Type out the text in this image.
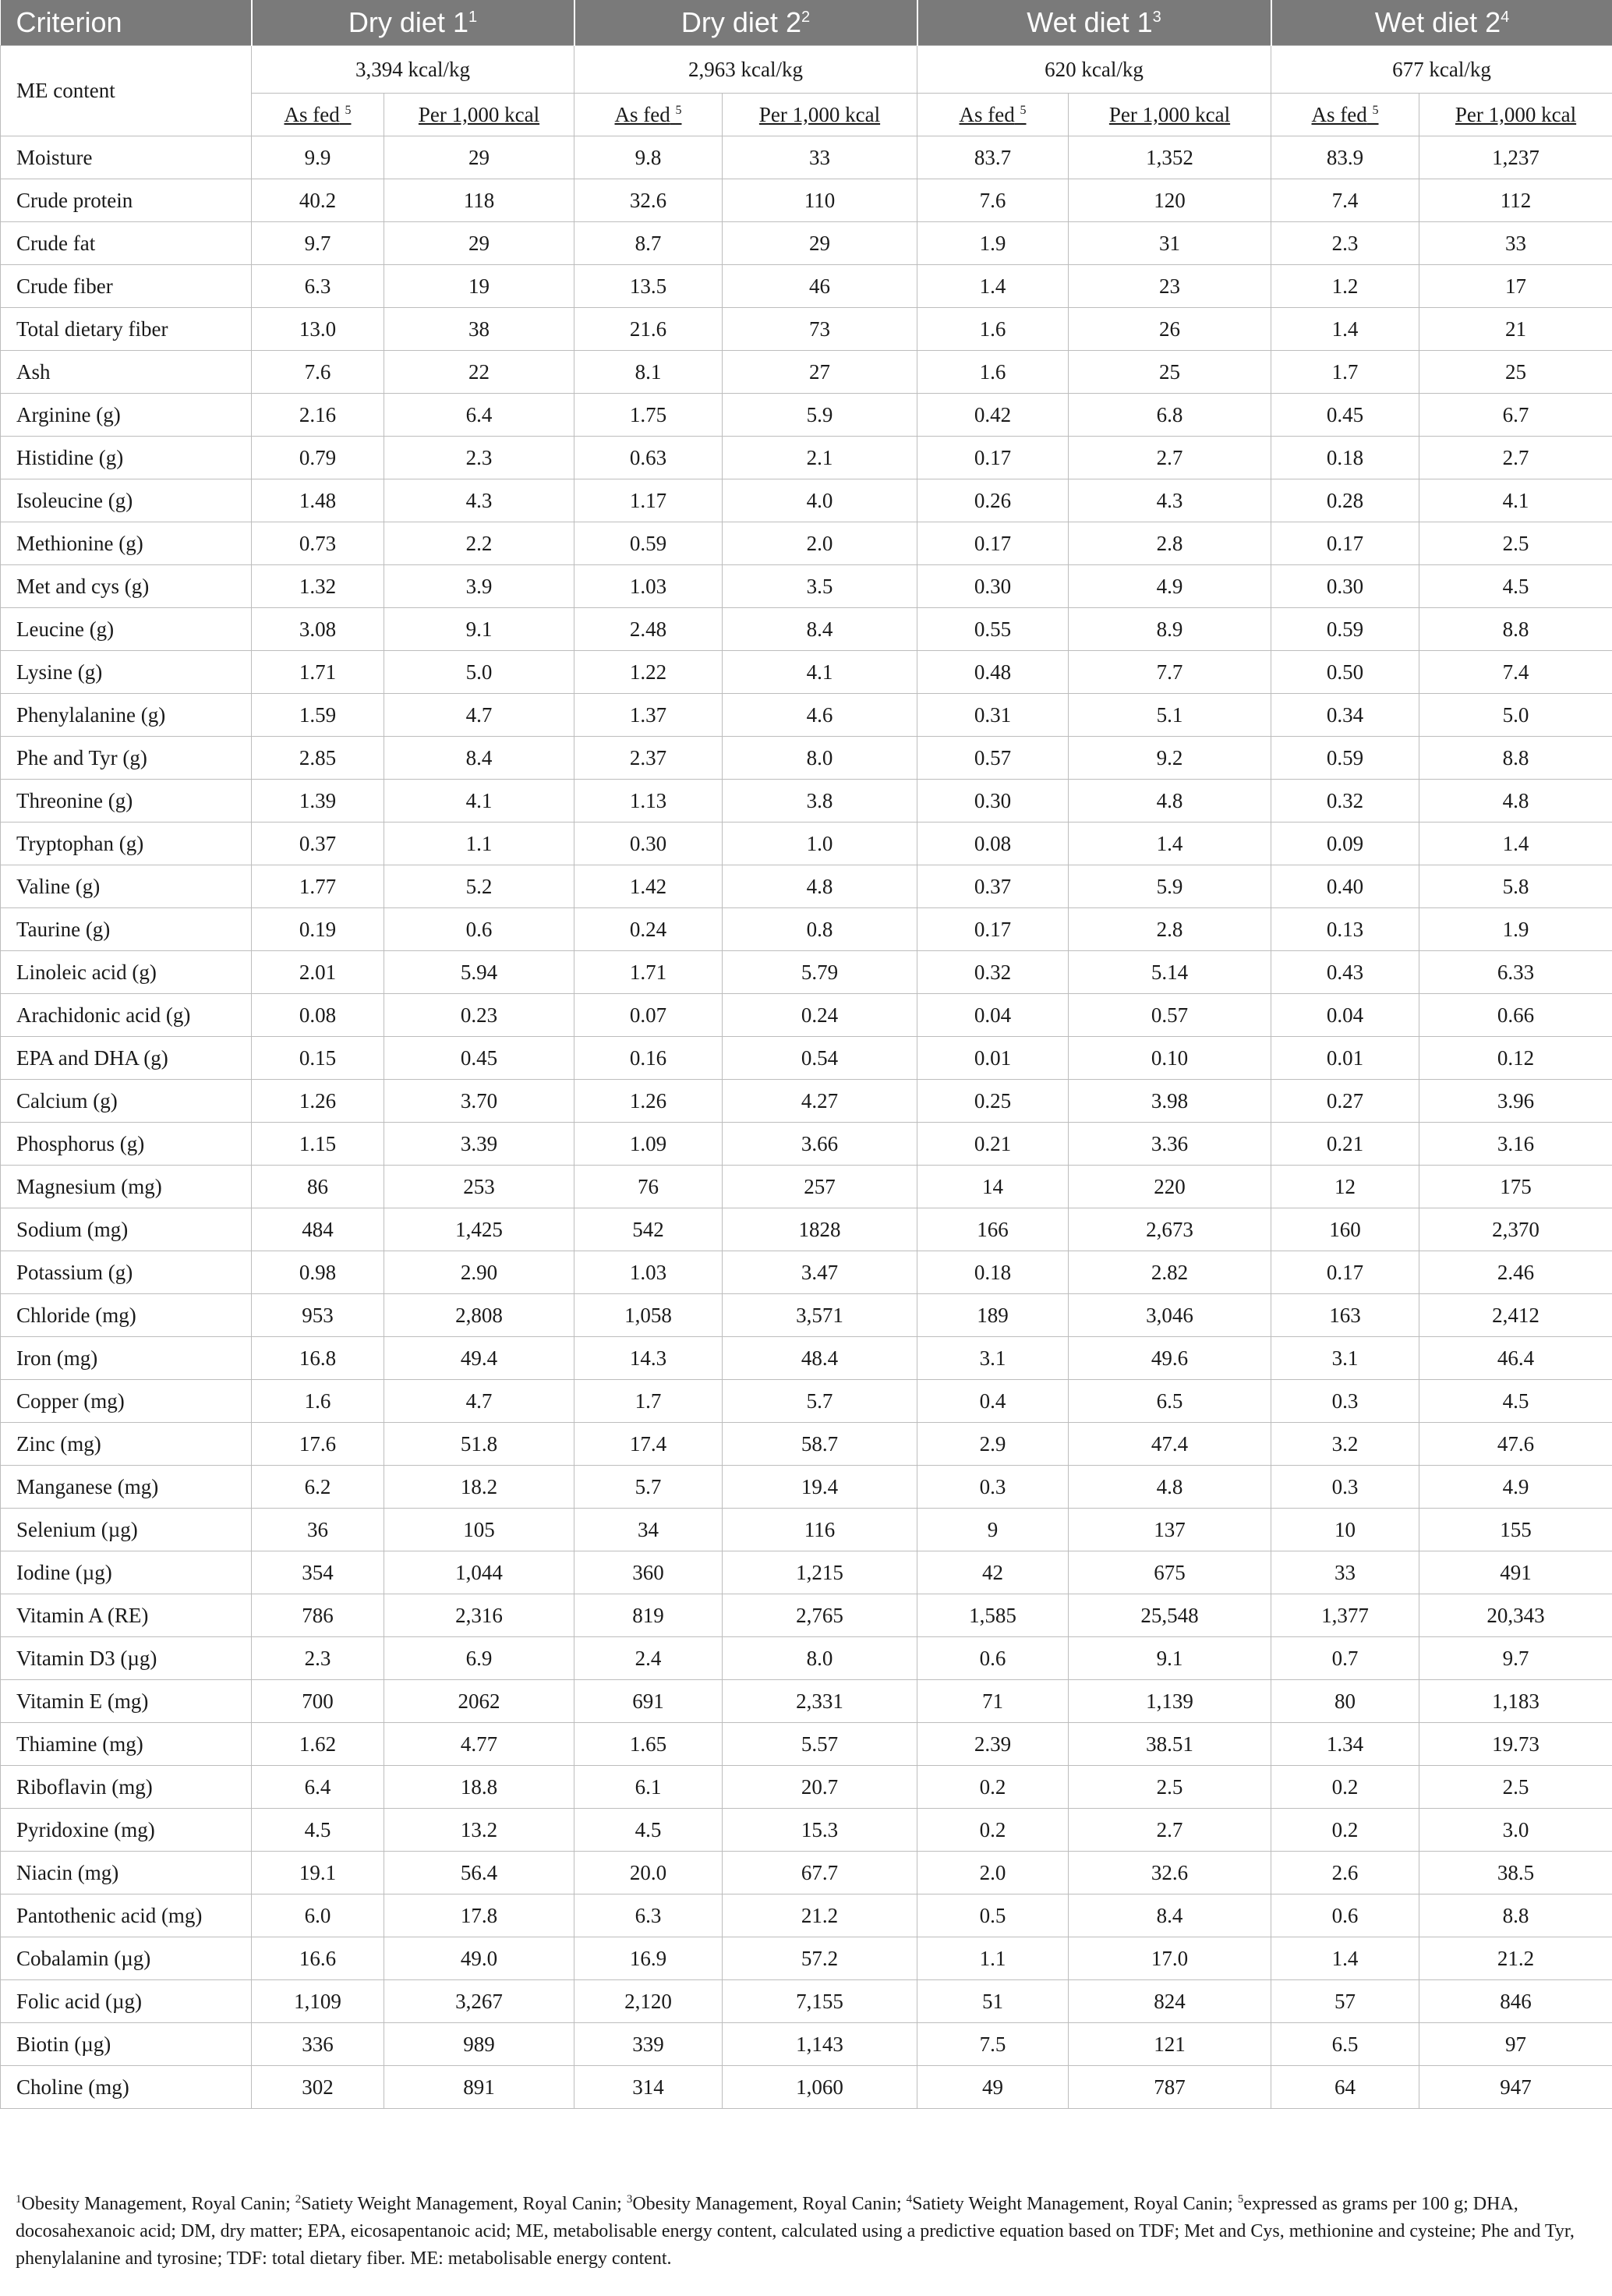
Criterion	Dry diet $1^1$		Dry diet $2^2$		Wet diet $1^3$		Wet diet $2^4$
ME content	3,394 kcal/kg		2,963 kcal/kg		620 kcal/kg		677 kcal/kg	
	As fed $^5$	Per 1,000 kcal	As fed $^5$	Per 1,000 kcal	As fed $^5$	Per 1,000 kcal	As fed $^5$	Per 1,000 kcal
Moisture	9.9	29	9.8	33	83.7	1,352	83.9	1,237
Crude protein	40.2	118	32.6	110	7.6	120	7.4	112
Crude fat	9.7	29	8.7	29	1.9	31	2.3	33
Crude fiber	6.3	19	13.5	46	1.4	23	1.2	17
Total dietary fiber	13.0	38	21.6	73	1.6	26	1.4	21
Ash	7.6	22	8.1	27	1.6	25	1.7	25
Arginine (g)	2.16	6.4	1.75	5.9	0.42	6.8	0.45	6.7
Histidine (g)	0.79	2.3	0.63	2.1	0.17	2.7	0.18	2.7
Isoleucine (g)	1.48	4.3	1.17	4.0	0.26	4.3	0.28	4.1
Methionine (g)	0.73	2.2	0.59	2.0	0.17	2.8	0.17	2.5
Met and cys (g)	1.32	3.9	1.03	3.5	0.30	4.9	0.30	4.5
Leucine (g)	3.08	9.1	2.48	8.4	0.55	8.9	0.59	8.8
Lysine (g)	1.71	5.0	1.22	4.1	0.48	7.7	0.50	7.4
Phenylalanine (g)	1.59	4.7	1.37	4.6	0.31	5.1	0.34	5.0
Phe and Tyr (g)	2.85	8.4	2.37	8.0	0.57	9.2	0.59	8.8
Threonine (g)	1.39	4.1	1.13	3.8	0.30	4.8	0.32	4.8
Tryptophan (g)	0.37	1.1	0.30	1.0	0.08	1.4	0.09	1.4
Valine (g)	1.77	5.2	1.42	4.8	0.37	5.9	0.40	5.8
Taurine (g)	0.19	0.6	0.24	0.8	0.17	2.8	0.13	1.9
Linoleic acid (g)	2.01	5.94	1.71	5.79	0.32	5.14	0.43	6.33
Arachidonic acid (g)	0.08	0.23	0.07	0.24	0.04	0.57	0.04	0.66
EPA and DHA (g)	0.15	0.45	0.16	0.54	0.01	0.10	0.01	0.12
Calcium (g)	1.26	3.70	1.26	4.27	0.25	3.98	0.27	3.96
Phosphorus (g)	1.15	3.39	1.09	3.66	0.21	3.36	0.21	3.16
Magnesium (mg)	86	253	76	257	14	220	12	175
Sodium (mg)	484	1,425	542	1828	166	2,673	160	2,370
Potassium (g)	0.98	2.90	1.03	3.47	0.18	2.82	0.17	2.46
Chloride (mg)	953	2,808	1,058	3,571	189	3,046	163	2,412
Iron (mg)	16.8	49.4	14.3	48.4	3.1	49.6	3.1	46.4
Copper (mg)	1.6	4.7	1.7	5.7	0.4	6.5	0.3	4.5
Zinc (mg)	17.6	51.8	17.4	58.7	2.9	47.4	3.2	47.6
Manganese (mg)	6.2	18.2	5.7	19.4	0.3	4.8	0.3	4.9
Selenium (µg)	36	105	34	116	9	137	10	155
Iodine (µg)	354	1,044	360	1,215	42	675	33	491
Vitamin A (RE)	786	2,316	819	2,765	1,585	25,548	1,377	20,343
Vitamin D3 (µg)	2.3	6.9	2.4	8.0	0.6	9.1	0.7	9.7
Vitamin E (mg)	700	2062	691	2,331	71	1,139	80	1,183
Thiamine (mg)	1.62	4.77	1.65	5.57	2.39	38.51	1.34	19.73
Riboflavin (mg)	6.4	18.8	6.1	20.7	0.2	2.5	0.2	2.5
Pyridoxine (mg)	4.5	13.2	4.5	15.3	0.2	2.7	0.2	3.0
Niacin (mg)	19.1	56.4	20.0	67.7	2.0	32.6	2.6	38.5
Pantothenic acid (mg)	6.0	17.8	6.3	21.2	0.5	8.4	0.6	8.8
Cobalamin (µg)	16.6	49.0	16.9	57.2	1.1	17.0	1.4	21.2
Folic acid (µg)	1,109	3,267	2,120	7,155	51	824	57	846
Biotin (µg)	336	989	339	1,143	7.5	121	6.5	97
Choline (mg)	302	891	314	1,060	49	787	64	947
$^1$Obesity Management, Royal Canin; $^2$Satiety Weight Management, Royal Canin; $^3$Obesity Management, Royal Canin; $^4$Satiety Weight Management, Royal Canin; $^5$expressed as grams per 100 g; DHA, docosahexanoic acid; DM, dry matter; EPA, eicosapentanoic acid; ME, metabolisable energy content, calculated using a predictive equation based on TDF; Met and Cys, methionine and cysteine; Phe and Tyr, phenylalanine and tyrosine; TDF: total dietary fiber. ME: metabolisable energy content.
